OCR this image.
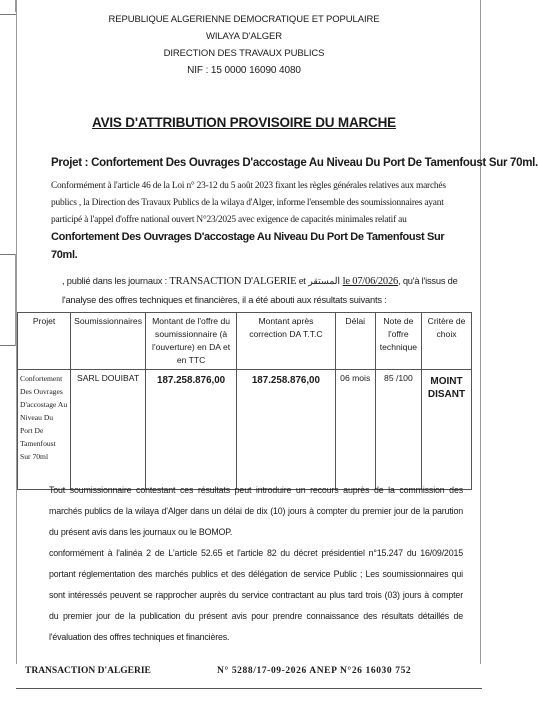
REPUBLIQUE ALGERIENNE DEMOCRATIQUE ET POPULAIRE
WILAYA D'ALGER
DIRECTION DES TRAVAUX PUBLICS
NIF : 15 0000 16090 4080
AVIS D'ATTRIBUTION PROVISOIRE DU MARCHE
Projet : Confortement Des Ouvrages D'accostage Au Niveau Du Port De Tamenfoust Sur 70ml.
Conformément à l'article 46 de la Loi n° 23-12 du 5 août 2023 fixant les règles générales relatives aux marchés publics , la Direction des Travaux Publics de la wilaya d'Alger, informe l'ensemble des soumissionnaires ayant participé à l'appel d'offre national ouvert N°23/2025 avec exigence de capacités minimales relatif au Confortement Des Ouvrages D'accostage Au Niveau Du Port De Tamenfoust Sur 70ml.
, publié dans les journaux : TRANSACTION D'ALGERIE et المستقر le 07/06/2026, qu'à l'issus de
l'analyse des offres techniques et financières, il a été abouti aux résultats suivants :
Projet	Soumissionnaires	Montant de l'offre du soumissionnaire (à l'ouverture) en DA et en TTC	Montant après correction DA T.T.C	Délai	Note de l'offre technique	Critère de choix
Confortement Des Ouvrages D'accostage Au Niveau Du Port De Tamenfoust Sur 70ml	SARL DOUIBAT	187.258.876,00	187.258.876,00	06 mois	85 /100	MOINT DISANT

Tout soumissionnaire contestant ces résultats peut introduire un recours auprès de la commission des marchés publics de la wilaya d'Alger dans un délai de dix (10) jours à compter du premier jour de la parution du présent avis dans les journaux ou le BOMOP.

conformément à l'alinéa 2 de L'article 52.65 et l'article 82 du décret présidentiel n°15.247 du 16/09/2015 portant réglementation des marchés publics et des délégation de service Public ; Les soumissionnaires qui sont intéressés peuvent se rapprocher auprès du service contractant au plus tard trois (03) jours à compter du premier jour de la publication du présent avis pour prendre connaissance des résultats détaillés de l'évaluation des offres techniques et financières.

TRANSACTION D'ALGERIE	N° 5288/17-09-2026 ANEP N°26 16030 752
